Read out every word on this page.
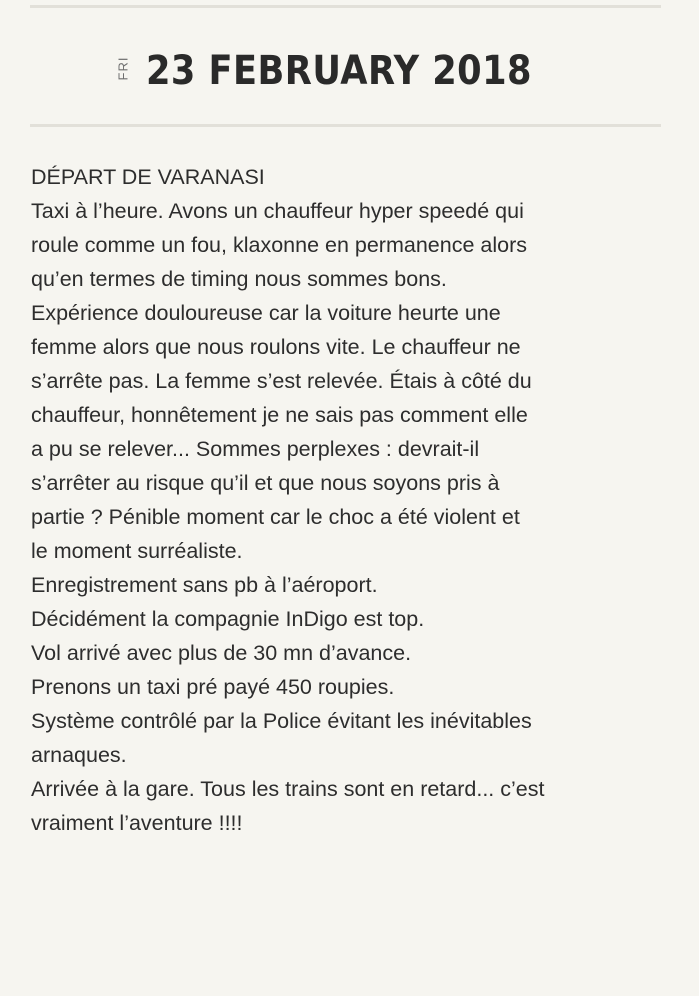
FRI 23 FEBRUARY 2018
DÉPART DE VARANASI
Taxi à l’heure. Avons un chauffeur hyper speedé qui
roule comme un fou, klaxonne en permanence alors
qu’en termes de timing nous sommes bons.
Expérience douloureuse car la voiture heurte une
femme alors que nous roulons vite. Le chauffeur ne
s’arrête pas. La femme s’est relevée. Étais à côté du
chauffeur, honnêtement je ne sais pas comment elle
a pu se relever... Sommes perplexes : devrait-il
s’arrêter au risque qu’il et que nous soyons pris à
partie ? Pénible moment car le choc a été violent et
le moment surréaliste.
Enregistrement sans pb à l’aéroport.
Décidément la compagnie InDigo est top.
Vol arrivé avec plus de 30 mn d’avance.
Prenons un taxi pré payé 450 roupies.
Système contrôlé par la Police évitant les inévitables
arnaques.
Arrivée à la gare. Tous les trains sont en retard... c’est
vraiment l’aventure !!!!
